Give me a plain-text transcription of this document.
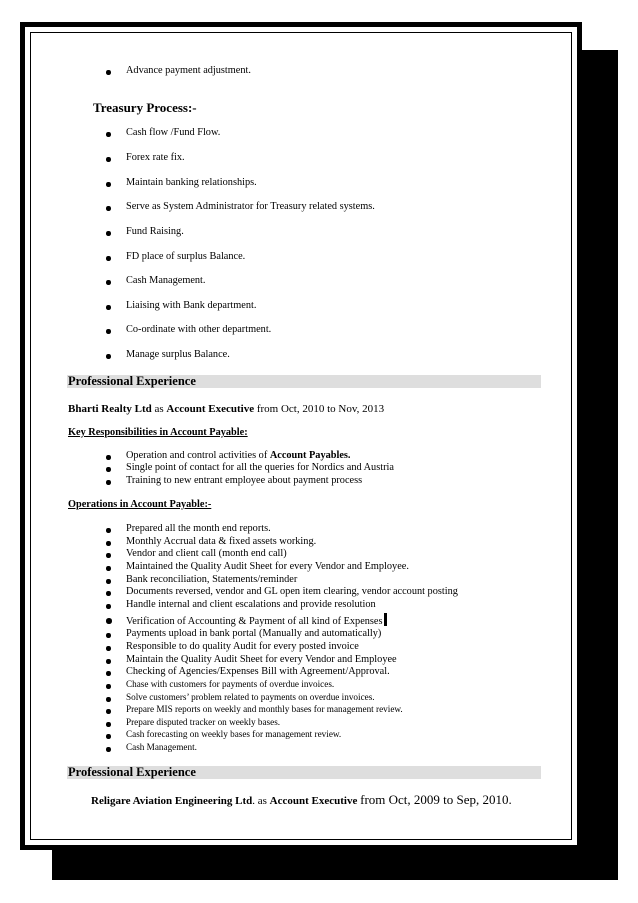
Advance payment adjustment.
Treasury Process:-
Cash flow /Fund Flow.
Forex rate fix.
Maintain banking relationships.
Serve as System Administrator for Treasury related systems.
Fund Raising.
FD place of surplus Balance.
Cash Management.
Liaising with Bank department.
Co-ordinate with other department.
Manage surplus Balance.
Professional Experience
Bharti Realty Ltd as Account Executive from Oct, 2010 to Nov, 2013
Key Responsibilities in Account Payable:
Operation and control activities of Account Payables.
Single point of contact for all the queries for Nordics and Austria
Training to new entrant employee about payment process
Operations in Account Payable:-
Prepared all the month end reports.
Monthly Accrual data & fixed assets working.
Vendor and client call (month end call)
Maintained the Quality Audit Sheet for every Vendor and Employee.
Bank reconciliation, Statements/reminder
Documents reversed, vendor and GL open item clearing, vendor account posting
Handle internal and client escalations and provide resolution
Verification of Accounting & Payment of all kind of Expenses
Payments upload in bank portal (Manually and automatically)
Responsible to do quality Audit for every posted invoice
Maintain the Quality Audit Sheet for every Vendor and Employee
Checking of Agencies/Expenses Bill with Agreement/Approval.
Chase with customers for payments of overdue invoices.
Solve customers’ problem related to payments on overdue invoices.
Prepare MIS reports on weekly and monthly bases for management review.
Prepare disputed tracker on weekly bases.
Cash forecasting on weekly bases for management review.
Cash Management.
Professional Experience
Religare Aviation Engineering Ltd. as Account Executive from Oct, 2009 to Sep, 2010.
